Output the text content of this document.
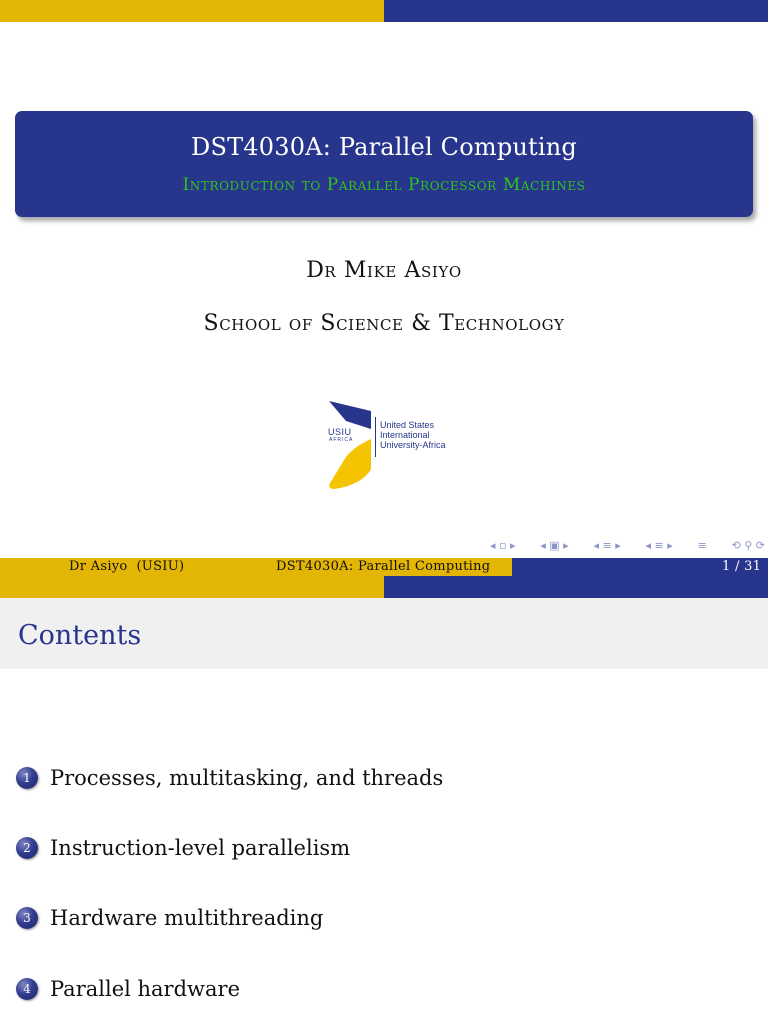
DST4030A: Parallel Computing
Introduction to Parallel Processor Machines
Dr Mike Asiyo
School of Science & Technology
USIU
AFRICA
United States
International
University-Africa
◂ ▫ ▸ ◂ ▣ ▸ ◂ ≡ ▸ ◂ ≡ ▸ ≡ ⟲ ⚲ ⟳
Dr Asiyo (USIU)	DST4030A: Parallel Computing	1 / 31
Contents
1 Processes, multitasking, and threads
2 Instruction-level parallelism
3 Hardware multithreading
4 Parallel hardware
